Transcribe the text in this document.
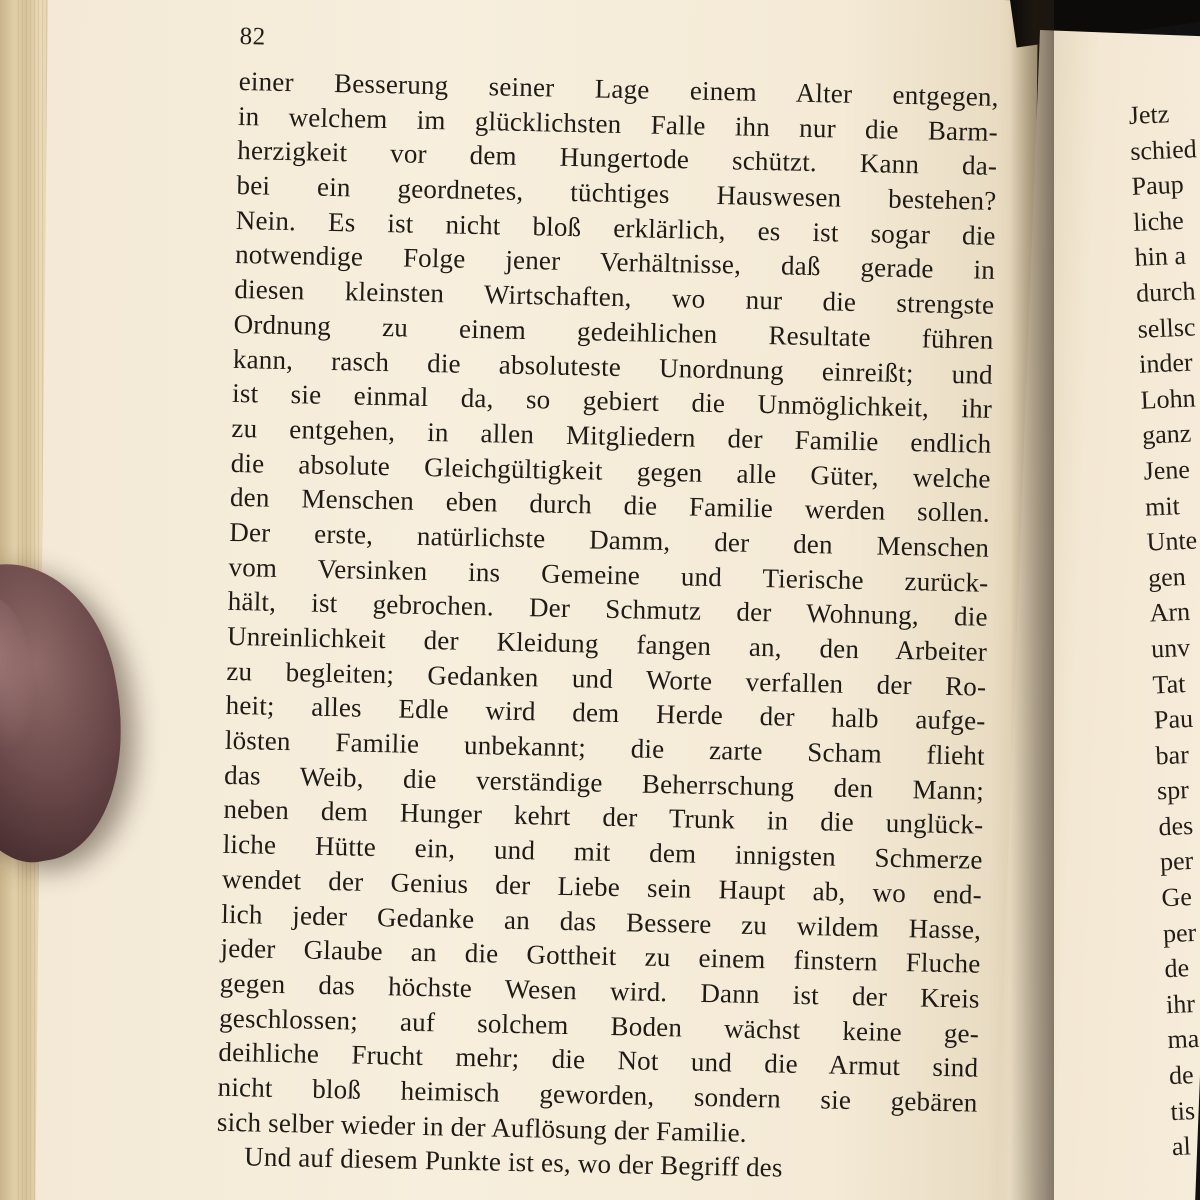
82
einer Besserung seiner Lage einem Alter entgegen,
in welchem im glücklichsten Falle ihn nur die Barm-
herzigkeit vor dem Hungertode schützt. Kann da-
bei ein geordnetes, tüchtiges Hauswesen bestehen?
Nein. Es ist nicht bloß erklärlich, es ist sogar die
notwendige Folge jener Verhältnisse, daß gerade in
diesen kleinsten Wirtschaften, wo nur die strengste
Ordnung zu einem gedeihlichen Resultate führen
kann, rasch die absoluteste Unordnung einreißt; und
ist sie einmal da, so gebiert die Unmöglichkeit, ihr
zu entgehen, in allen Mitgliedern der Familie endlich
die absolute Gleichgültigkeit gegen alle Güter, welche
den Menschen eben durch die Familie werden sollen.
Der erste, natürlichste Damm, der den Menschen
vom Versinken ins Gemeine und Tierische zurück-
hält, ist gebrochen. Der Schmutz der Wohnung, die
Unreinlichkeit der Kleidung fangen an, den Arbeiter
zu begleiten; Gedanken und Worte verfallen der Ro-
heit; alles Edle wird dem Herde der halb aufge-
lösten Familie unbekannt; die zarte Scham flieht
das Weib, die verständige Beherrschung den Mann;
neben dem Hunger kehrt der Trunk in die unglück-
liche Hütte ein, und mit dem innigsten Schmerze
wendet der Genius der Liebe sein Haupt ab, wo end-
lich jeder Gedanke an das Bessere zu wildem Hasse,
jeder Glaube an die Gottheit zu einem finstern Fluche
gegen das höchste Wesen wird. Dann ist der Kreis
geschlossen; auf solchem Boden wächst keine ge-
deihliche Frucht mehr; die Not und die Armut sind
nicht bloß heimisch geworden, sondern sie gebären
sich selber wieder in der Auflösung der Familie.
Und auf diesem Punkte ist es, wo der Begriff des
Jetz
schied
Paup
liche
hin a
durch
sellsc
inder
Lohn
ganz
Jene
mit
Unte
gen
Arn
unv
Tat
Pau
bar
spr
des
per
Ge
per
de
ihr
ma
de
tis
al
